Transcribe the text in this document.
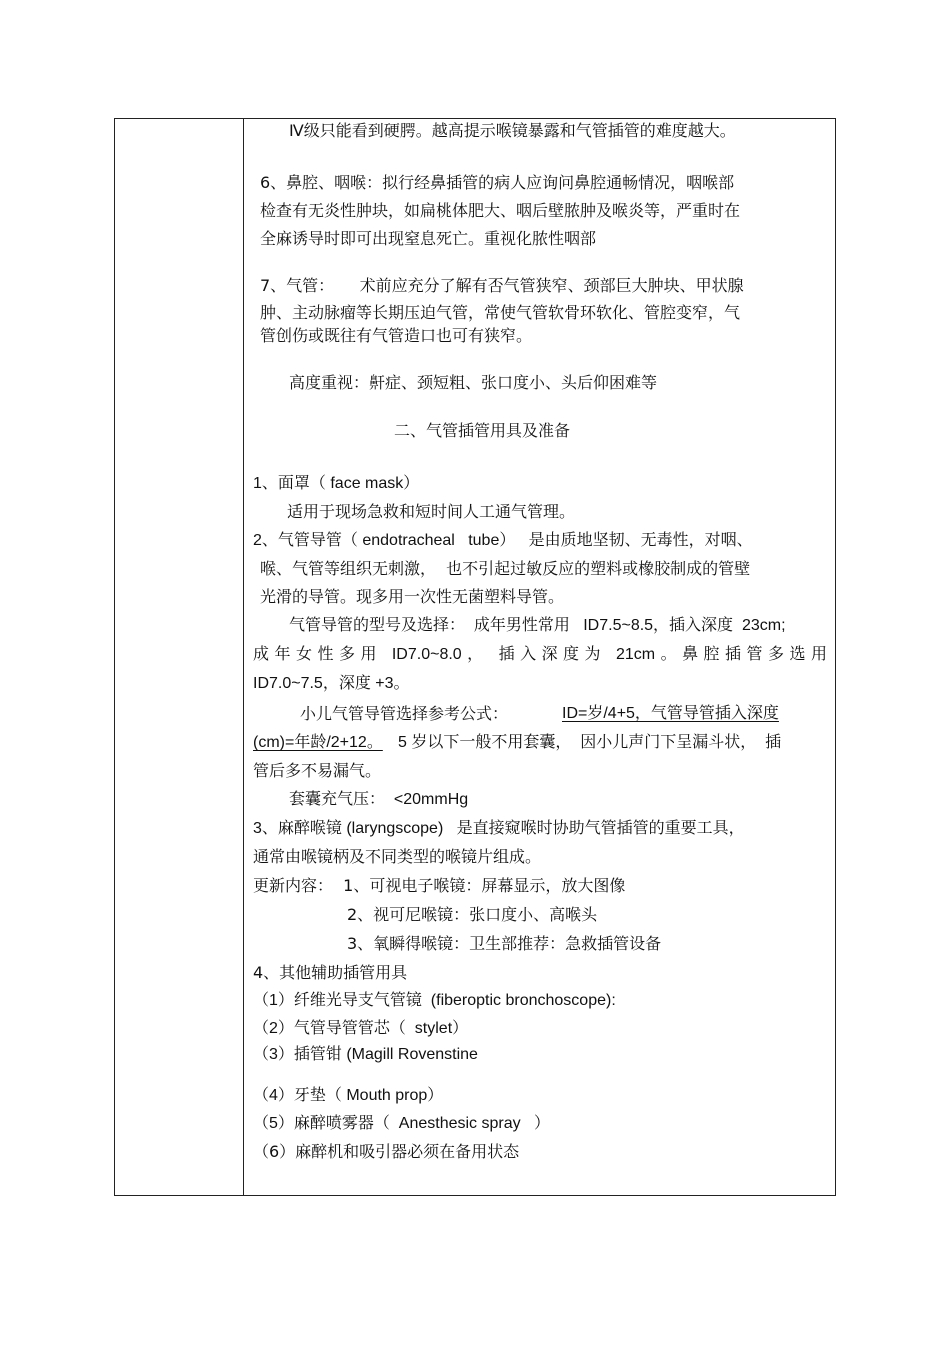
Ⅳ级只能看到硬腭。越高提示喉镜暴露和气管插管的难度越大。

6、鼻腔、咽喉：拟行经鼻插管的病人应询问鼻腔通畅情况，咽喉部

检查有无炎性肿块，如扁桃体肥大、咽后壁脓肿及喉炎等，严重时在

全麻诱导时即可出现窒息死亡。重视化脓性咽部

7、气管：     术前应充分了解有否气管狭窄、颈部巨大肿块、甲状腺

肿、主动脉瘤等长期压迫气管，常使气管软骨环软化、管腔变窄，气

管创伤或既往有气管造口也可有狭窄。

高度重视：鼾症、颈短粗、张口度小、头后仰困难等

二、气管插管用具及准备

1、面罩（ face mask）

适用于现场急救和短时间人工通气管理。

2、气管导管（ endotracheal   tube）   是由质地坚韧、无毒性，对咽、

喉、气管等组织无刺激，  也不引起过敏反应的塑料或橡胶制成的管壁

光滑的导管。现多用一次性无菌塑料导管。

气管导管的型号及选择：  成年男性常用   ID7.5~8.5，插入深度  23cm;

成年女性多用 ID7.0~8.0， 插入深度为 21cm。鼻腔插管多选用

ID7.0~7.5，深度 +3。

小儿气管导管选择参考公式：	ID=岁/4+5，气管导管插入深度

(cm)=年龄/2+12。 5 岁以下一般不用套囊，  因小儿声门下呈漏斗状，  插

管后多不易漏气。

套囊充气压：  <20mmHg

3、麻醉喉镜 (laryngscope)   是直接窥喉时协助气管插管的重要工具，

通常由喉镜柄及不同类型的喉镜片组成。

更新内容：  1、可视电子喉镜：屏幕显示，放大图像

2、视可尼喉镜：张口度小、高喉头

3、氧瞬得喉镜：卫生部推荐：急救插管设备

4、其他辅助插管用具

（1）纤维光导支气管镜  (fiberoptic bronchoscope):

（2）气管导管管芯（  stylet）

（3）插管钳 (Magill Rovenstine

（4）牙垫（ Mouth prop）

（5）麻醉喷雾器（  Anesthesic spray   ）

（6）麻醉机和吸引器必须在备用状态
